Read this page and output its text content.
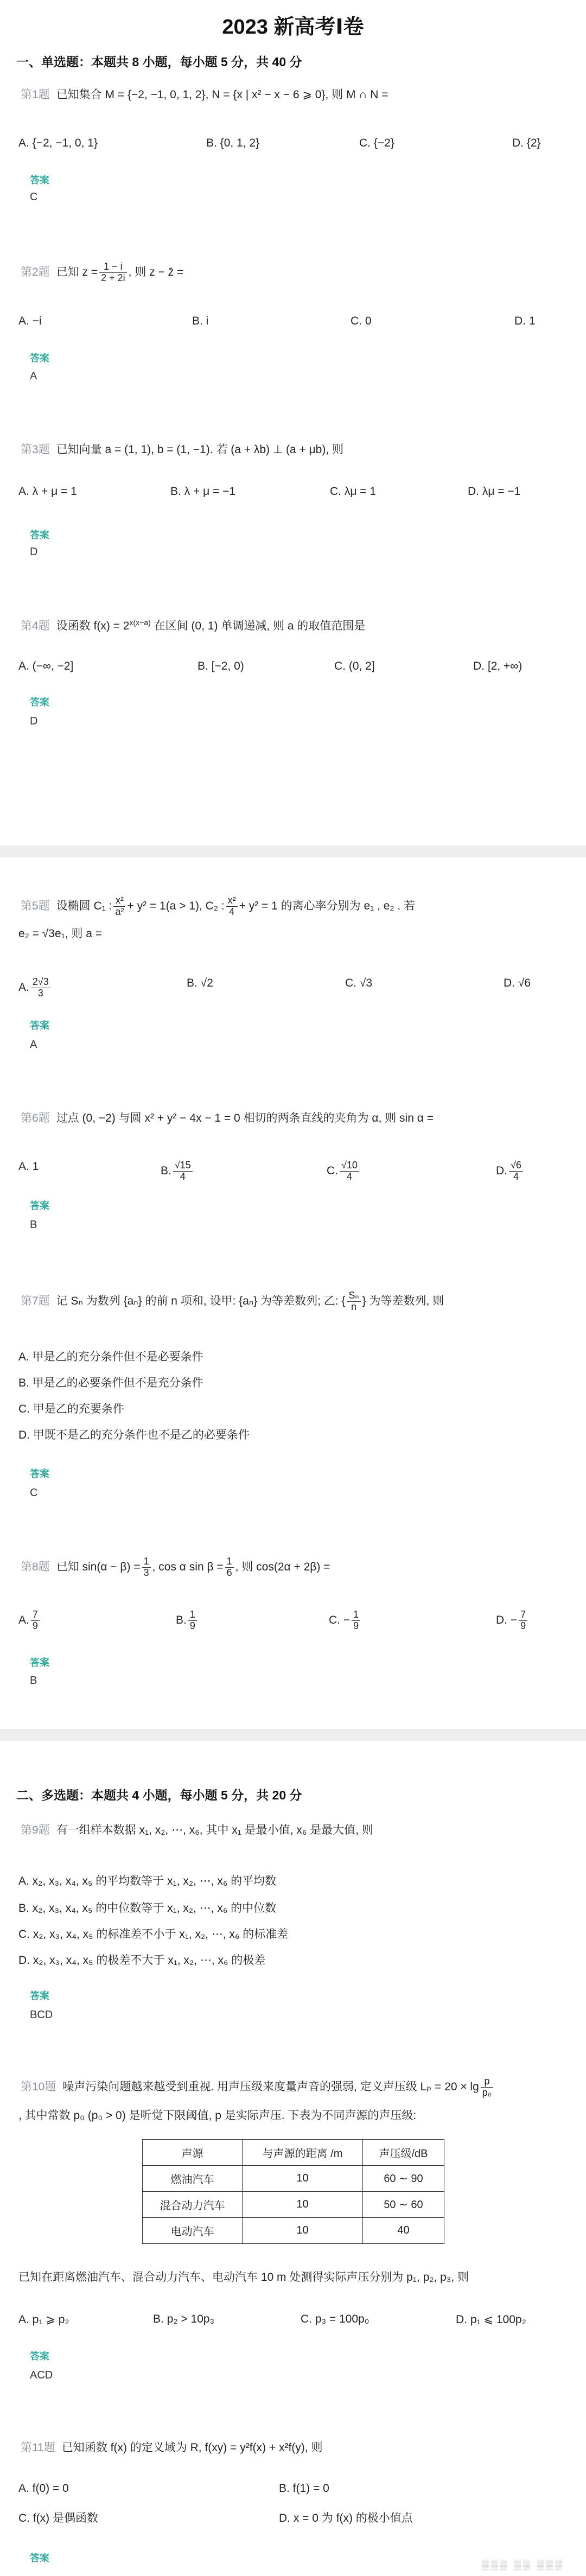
2023 新高考Ⅰ卷
一、单选题：本题共 8 小题，每小题 5 分，共 40 分
第1题 已知集合 M = {−2, −1, 0, 1, 2}, N = {x | x² − x − 6 ⩾ 0}, 则 M ∩ N =
A. {−2, −1, 0, 1}	B. {0, 1, 2}	C. {−2}	D. {2}
答案
C
第2题 已知 $z = \frac{1 - i}{2 + 2i}$ , 则 z − z̄ =
A. −i	B. i	C. 0	D. 1
答案
A
第3题 已知向量 a = (1, 1), b = (1, −1). 若 (a + λb) ⊥ (a + μb), 则
A. λ + μ = 1	B. λ + μ = −1	C. λμ = 1	D. λμ = −1
答案
D
第4题 设函数 $f(x) = 2^{x(x-a)}$ 在区间 (0, 1) 单调递减, 则 a 的取值范围是
A. (−∞, −2]	B. [−2, 0)	C. (0, 2]	D. [2, +∞)
答案
D
第5题 设椭圆 C₁ : $\frac{\text{x²}}{\text{a²}} + y^2 = 1(a > 1)$, C₂ : $\frac{\text{x²}}{4} + y^2 = 1$ 的离心率分别为 e₁ , e₂ . 若
e₂ = √3e₁, 则 a =
A. $\frac{2√3}{3}$	B. √2	C. √3	D. √6
答案
A
第6题 过点 (0, −2) 与圆 x² + y² − 4x − 1 = 0 相切的两条直线的夹角为 α, 则 sin α =
A. 1	B. $\frac{√15}{4}$	C. $\frac{√10}{4}$	D. $\frac{√6}{4}$
答案
B
第7题 记 Sₙ 为数列 {aₙ} 的前 n 项和, 设甲: {aₙ} 为等差数列; 乙: { $\frac{\text{Sₙ}}{n}$ } 为等差数列, 则
A. 甲是乙的充分条件但不是必要条件
B. 甲是乙的必要条件但不是充分条件
C. 甲是乙的充要条件
D. 甲既不是乙的充分条件也不是乙的必要条件
答案
C
第8题 已知 $\sin(\alpha - \beta) = \frac{1}{3}$ , cos α $\sin \beta = \frac{1}{6}$ , 则 cos(2α + 2β) =
A. $\frac{7}{9}$	B. $\frac{1}{9}$	C. − $\frac{1}{9}$	D. − $\frac{7}{9}$
答案
B
二、多选题：本题共 4 小题，每小题 5 分，共 20 分
第9题 有一组样本数据 x₁, x₂, ⋯, x₆, 其中 x₁ 是最小值, x₆ 是最大值, 则
A. x₂, x₃, x₄, x₅ 的平均数等于 x₁, x₂, ⋯, x₆ 的平均数
B. x₂, x₃, x₄, x₅ 的中位数等于 x₁, x₂, ⋯, x₆ 的中位数
C. x₂, x₃, x₄, x₅ 的标准差不小于 x₁, x₂, ⋯, x₆ 的标准差
D. x₂, x₃, x₄, x₅ 的极差不大于 x₁, x₂, ⋯, x₆ 的极差
答案
BCD
第10题 噪声污染问题越来越受到重视. 用声压级来度量声音的强弱, 定义声压级 $L_p = 20 \times \lg \frac{p}{\text{p₀}}$
, 其中常数 p₀ (p₀ > 0) 是听觉下限阈值, p 是实际声压. 下表为不同声源的声压级:
声源	与声源的距离 /m	声压级/dB
燃油汽车	10	60 ∼ 90
混合动力汽车	10	50 ∼ 60
电动汽车	10	40
已知在距离燃油汽车、混合动力汽车、电动汽车 10 m 处测得实际声压分别为 p₁, p₂, p₃, 则
A. p₁ ⩾ p₂	B. p₂ > 10p₃	C. p₃ = 100p₀	D. p₁ ⩽ 100p₂
答案
ACD
第11题 已知函数 f(x) 的定义域为 R, f(xy) = y²f(x) + x²f(y), 则
A. f(0) = 0	B. f(1) = 0
C. f(x) 是偶函数	D. x = 0 为 f(x) 的极小值点
答案
▒▒▒ ▒▒ ▒▒▒
